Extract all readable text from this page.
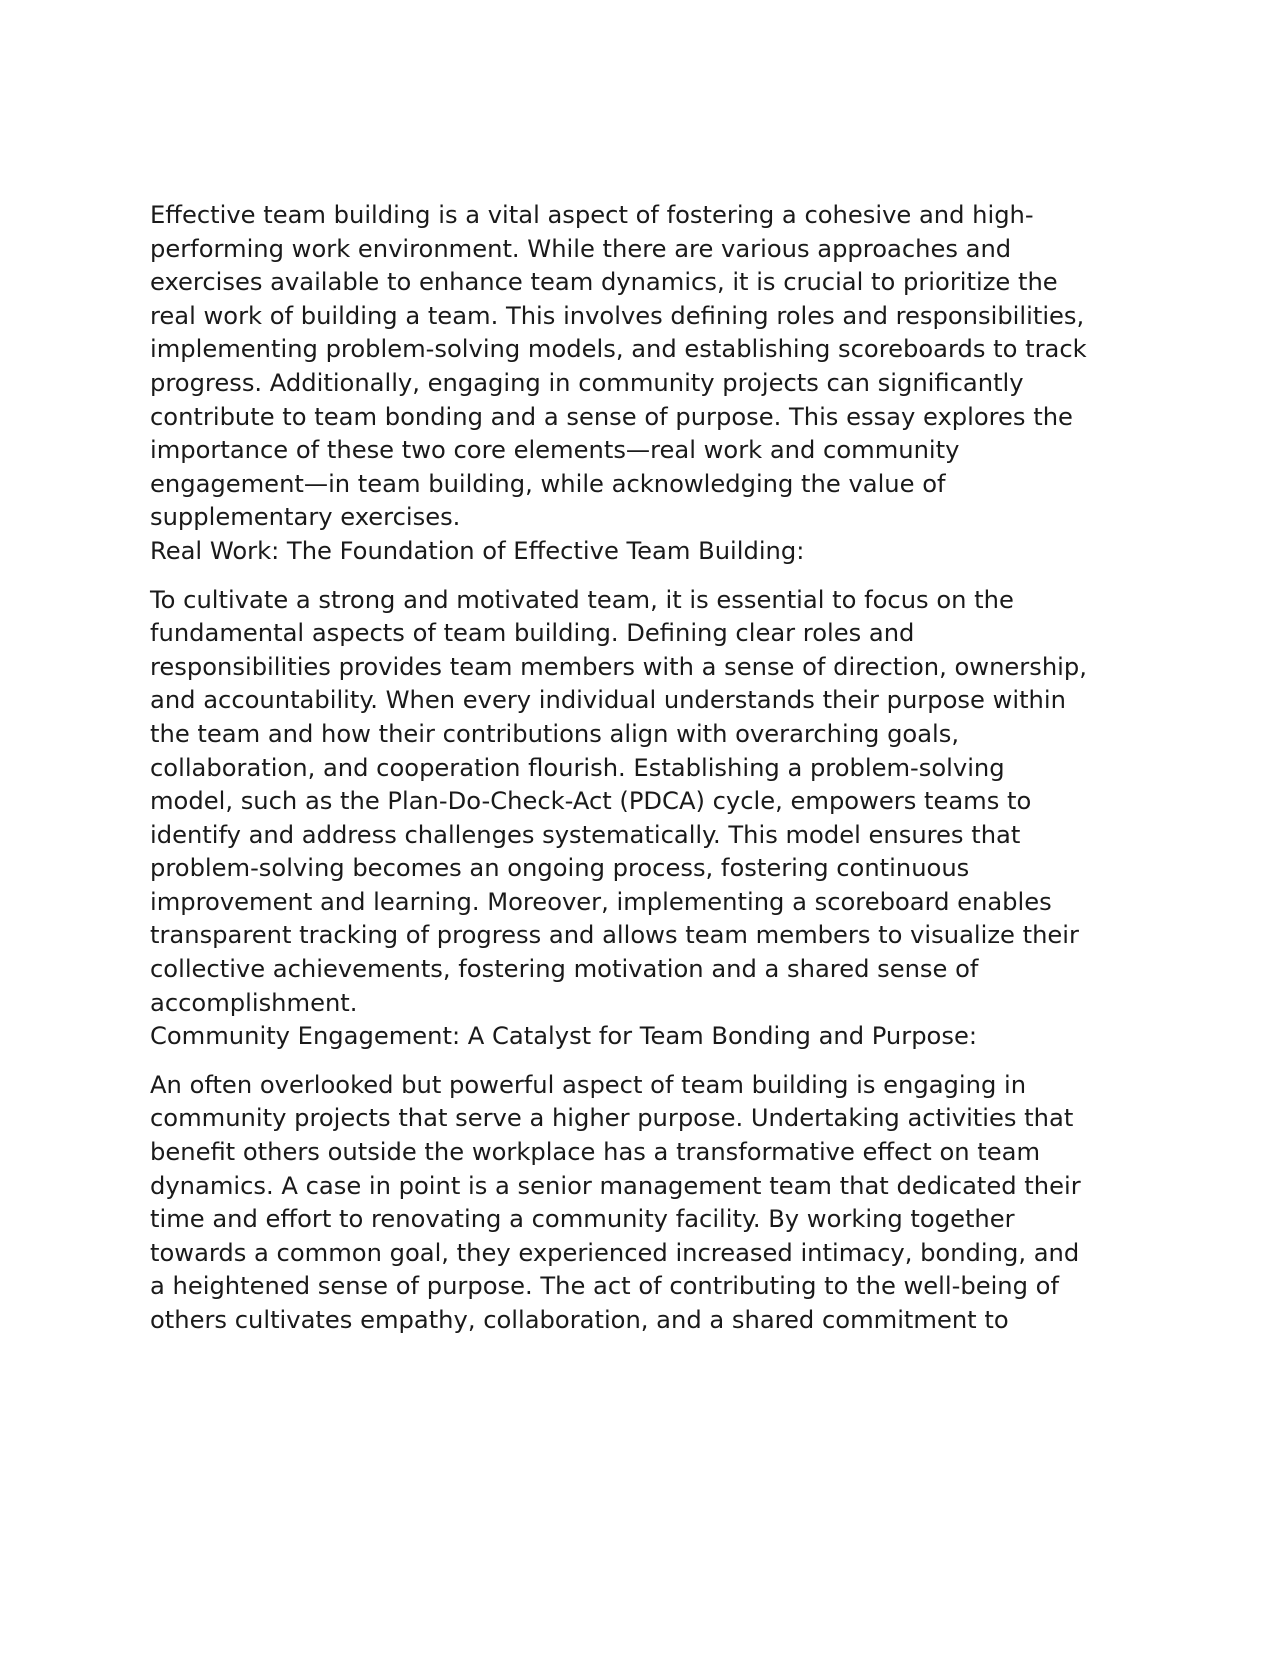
Effective team building is a vital aspect of fostering a cohesive and high-

performing work environment. While there are various approaches and

exercises available to enhance team dynamics, it is crucial to prioritize the

real work of building a team. This involves defining roles and responsibilities,

implementing problem-solving models, and establishing scoreboards to track

progress. Additionally, engaging in community projects can significantly

contribute to team bonding and a sense of purpose. This essay explores the

importance of these two core elements—real work and community

engagement—in team building, while acknowledging the value of

supplementary exercises.

Real Work: The Foundation of Effective Team Building:

To cultivate a strong and motivated team, it is essential to focus on the

fundamental aspects of team building. Defining clear roles and

responsibilities provides team members with a sense of direction, ownership,

and accountability. When every individual understands their purpose within

the team and how their contributions align with overarching goals,

collaboration, and cooperation flourish. Establishing a problem-solving

model, such as the Plan-Do-Check-Act (PDCA) cycle, empowers teams to

identify and address challenges systematically. This model ensures that

problem-solving becomes an ongoing process, fostering continuous

improvement and learning. Moreover, implementing a scoreboard enables

transparent tracking of progress and allows team members to visualize their

collective achievements, fostering motivation and a shared sense of

accomplishment.

Community Engagement: A Catalyst for Team Bonding and Purpose:

An often overlooked but powerful aspect of team building is engaging in

community projects that serve a higher purpose. Undertaking activities that

benefit others outside the workplace has a transformative effect on team

dynamics. A case in point is a senior management team that dedicated their

time and effort to renovating a community facility. By working together

towards a common goal, they experienced increased intimacy, bonding, and

a heightened sense of purpose. The act of contributing to the well-being of

others cultivates empathy, collaboration, and a shared commitment to
